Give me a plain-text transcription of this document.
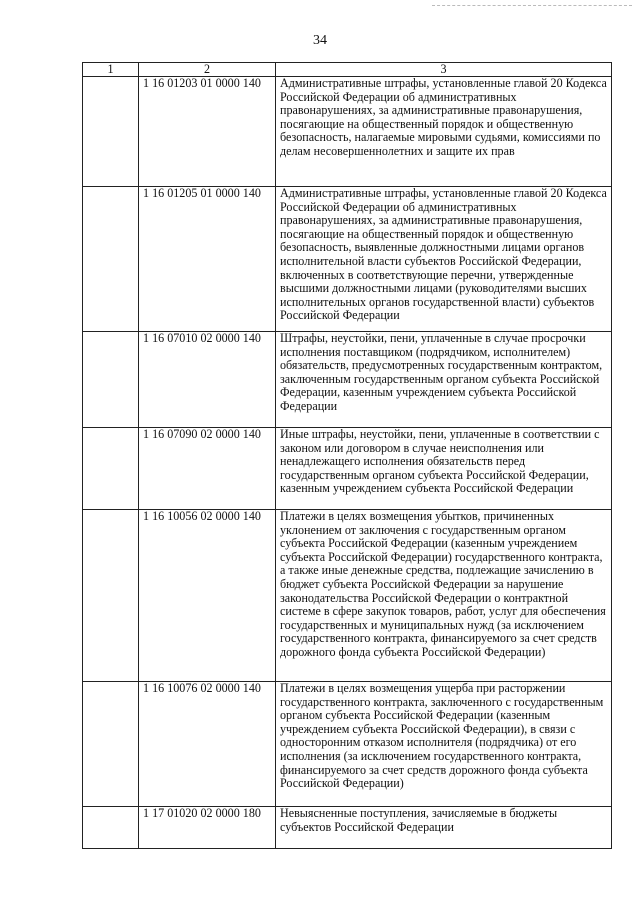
34
1	2	3
	1 16 01203 01 0000 140	Административные штрафы, установленные главой 20 Кодекса Российской Федерации об административных правонарушениях, за административные правонарушения, посягающие на общественный порядок и общественную безопасность, налагаемые мировыми судьями, комиссиями по делам несовершеннолетних и защите их прав
	1 16 01205 01 0000 140	Административные штрафы, установленные главой 20 Кодекса Российской Федерации об административных правонарушениях, за административные правонарушения, посягающие на общественный порядок и общественную безопасность, выявленные должностными лицами органов исполнительной власти субъектов Российской Федерации, включенных в соответствующие перечни, утвержденные высшими должностными лицами (руководителями высших исполнительных органов государственной власти) субъектов Российской Федерации
	1 16 07010 02 0000 140	Штрафы, неустойки, пени, уплаченные в случае просрочки исполнения поставщиком (подрядчиком, исполнителем) обязательств, предусмотренных государственным контрактом, заключенным государственным органом субъекта Российской Федерации, казенным учреждением субъекта Российской Федерации
	1 16 07090 02 0000 140	Иные штрафы, неустойки, пени, уплаченные в соответствии с законом или договором в случае неисполнения или ненадлежащего исполнения обязательств перед государственным органом субъекта Российской Федерации, казенным учреждением субъекта Российской Федерации
	1 16 10056 02 0000 140	Платежи в целях возмещения убытков, причиненных уклонением от заключения с государственным органом субъекта Российской Федерации (казенным учреждением субъекта Российской Федерации) государственного контракта, а также иные денежные средства, подлежащие зачислению в бюджет субъекта Российской Федерации за нарушение законодательства Российской Федерации о контрактной системе в сфере закупок товаров, работ, услуг для обеспечения государственных и муниципальных нужд (за исключением государственного контракта, финансируемого за счет средств дорожного фонда субъекта Российской Федерации)
	1 16 10076 02 0000 140	Платежи в целях возмещения ущерба при расторжении государственного контракта, заключенного с государственным органом субъекта Российской Федерации (казенным учреждением субъекта Российской Федерации), в связи с односторонним отказом исполнителя (подрядчика) от его исполнения (за исключением государственного контракта, финансируемого за счет средств дорожного фонда субъекта Российской Федерации)
	1 17 01020 02 0000 180	Невыясненные поступления, зачисляемые в бюджеты субъектов Российской Федерации
